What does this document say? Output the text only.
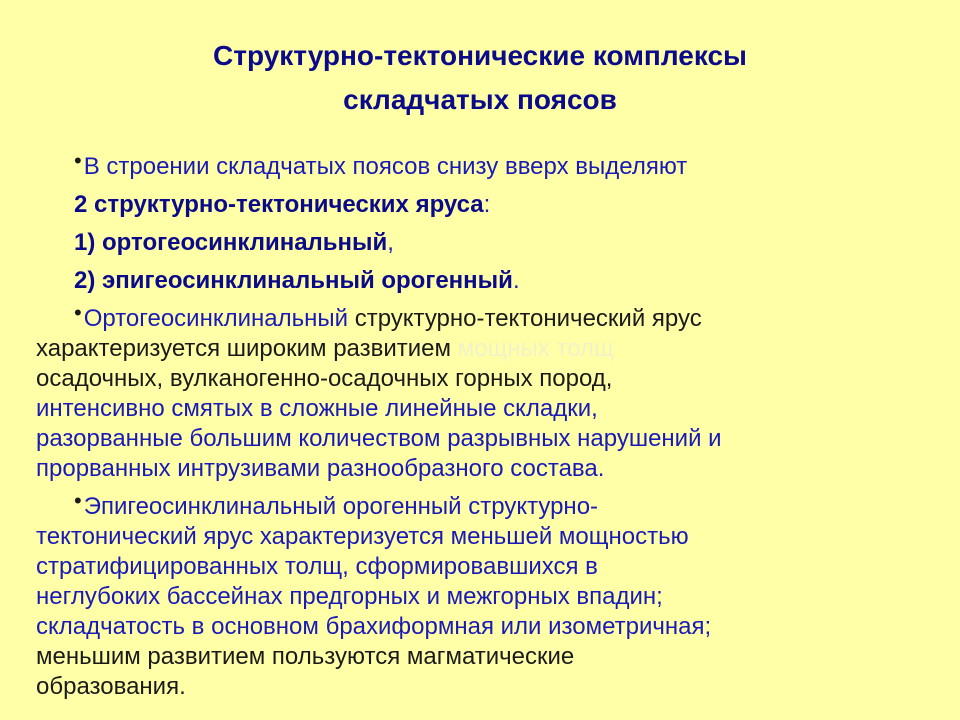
Структурно-тектонические комплексы
складчатых поясов
•В строении складчатых поясов снизу вверх выделяют
2 структурно-тектонических яруса:
1) ортогеосинклинальный,
2) эпигеосинклинальный орогенный.
•Ортогеосинклинальный структурно-тектонический ярус
характеризуется широким развитием мощных толщ
осадочных, вулканогенно-осадочных горных пород,
интенсивно смятых в сложные линейные складки,
разорванные большим количеством разрывных нарушений и
прорванных интрузивами разнообразного состава.
•Эпигеосинклинальный орогенный структурно-
тектонический ярус характеризуется меньшей мощностью
стратифицированных толщ, сформировавшихся в
неглубоких бассейнах предгорных и межгорных впадин;
складчатость в основном брахиформная или изометричная;
меньшим развитием пользуются магматические
образования.
